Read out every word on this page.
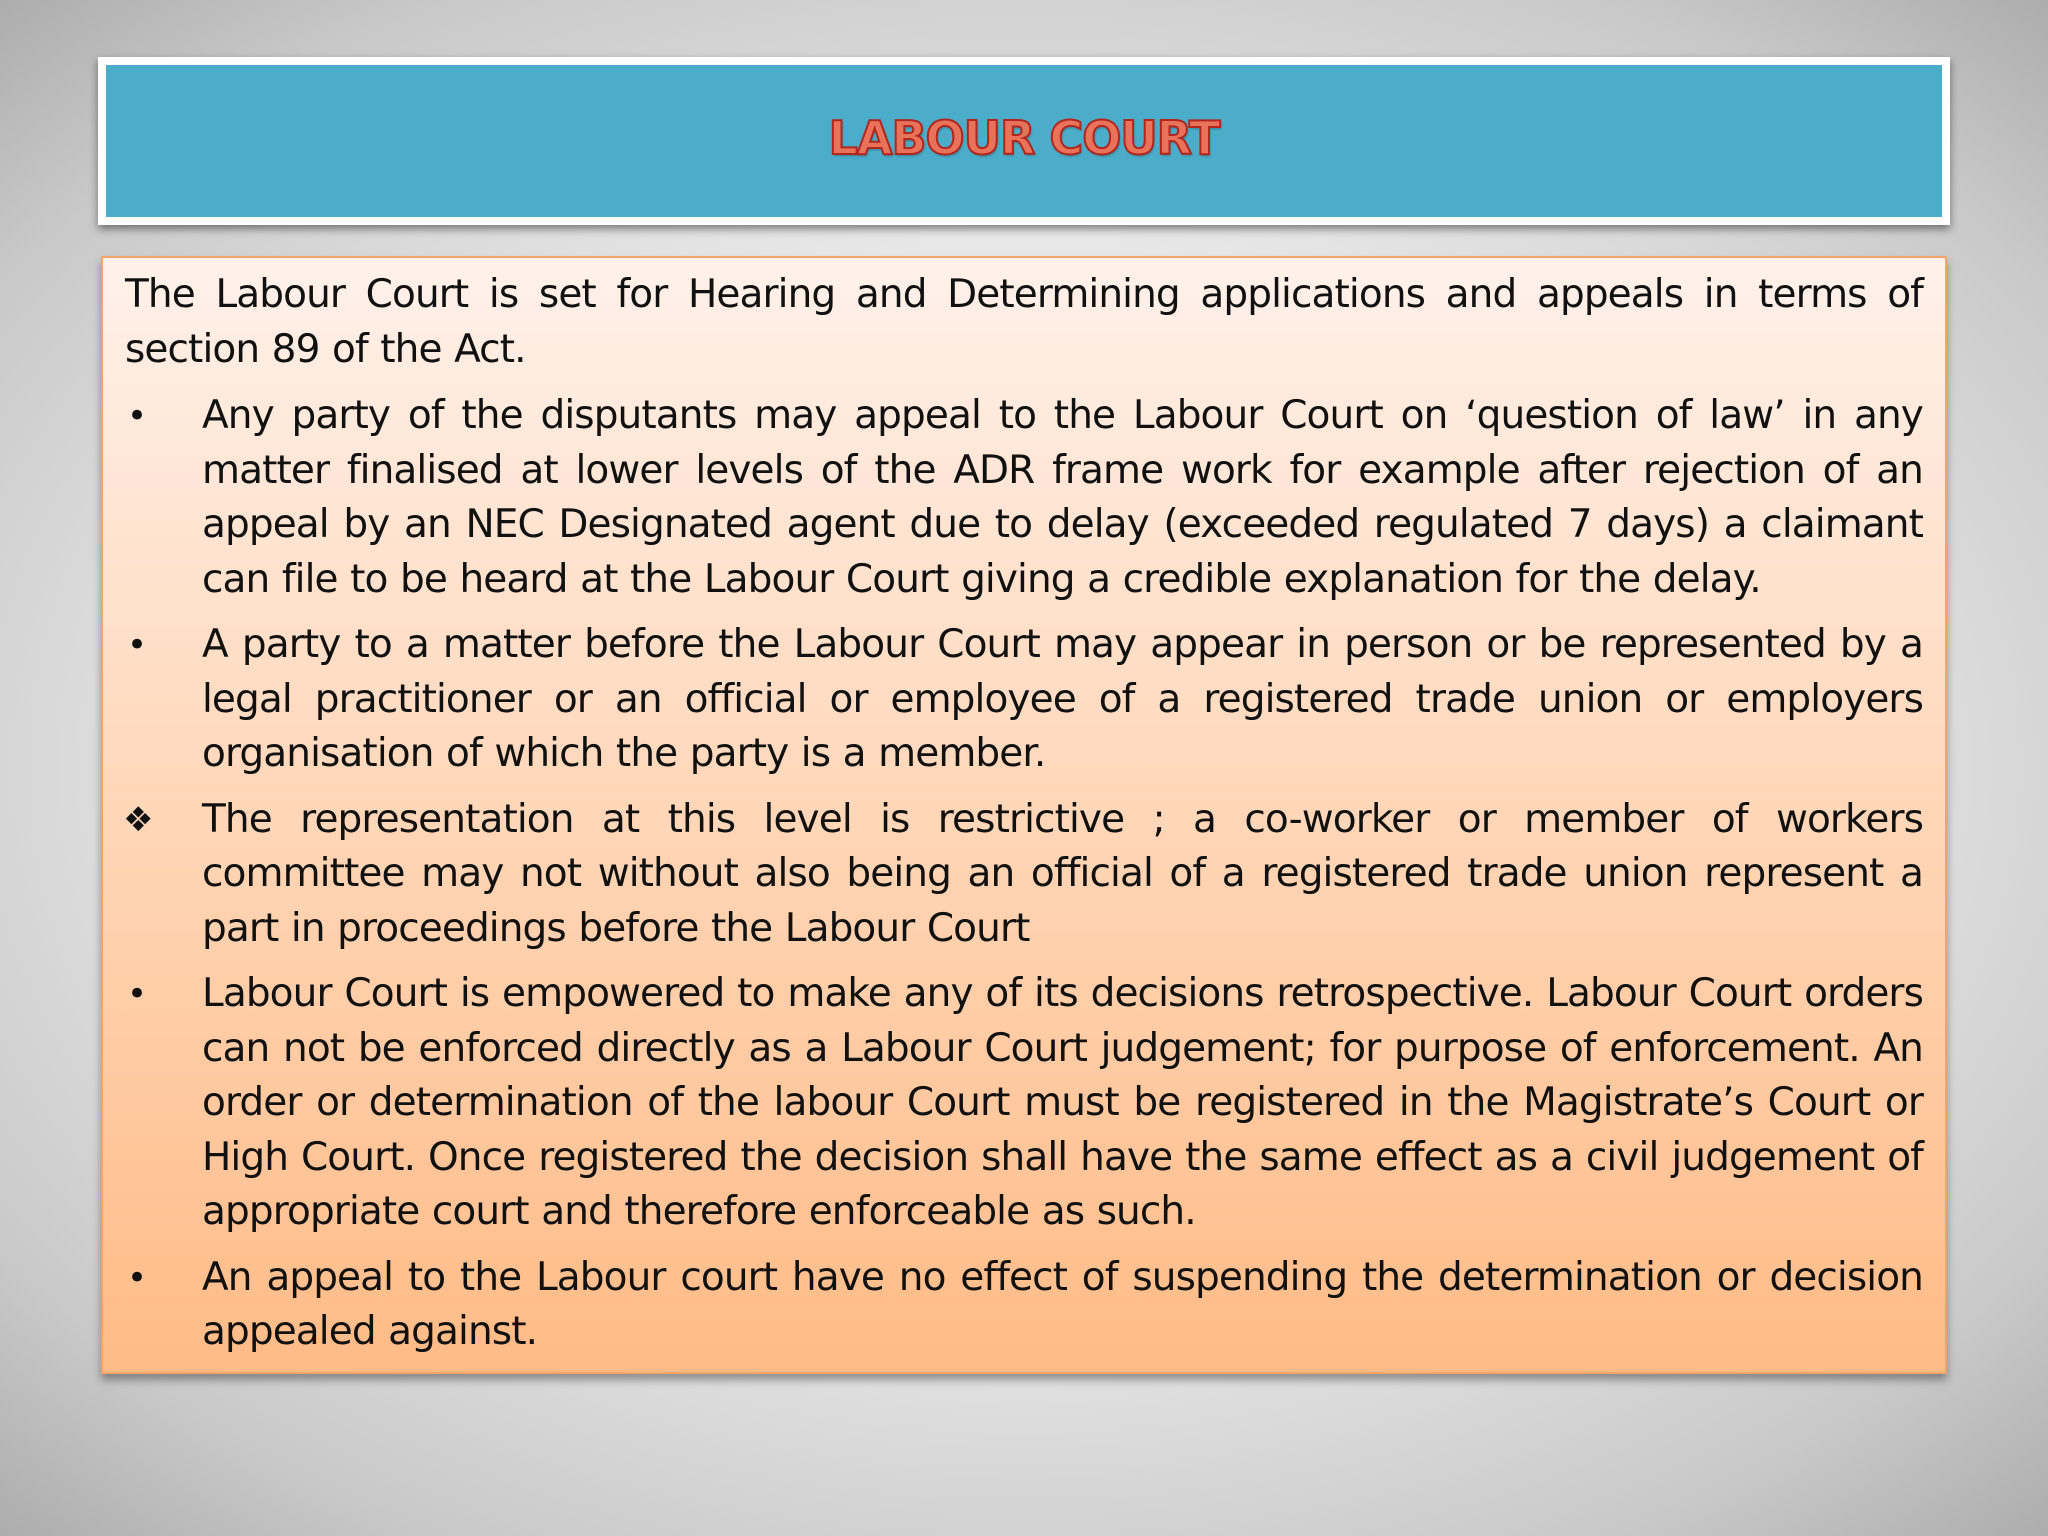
LABOUR COURT

The Labour Court is set for Hearing and Determining applications and appeals in terms of section 89 of the Act.

•	Any party of the disputants may appeal to the Labour Court on ‘question of law’ in any matter finalised at lower levels of the ADR frame work for example after rejection of an appeal by an NEC Designated agent due to delay (exceeded regulated 7 days) a claimant can file to be heard at the Labour Court giving a credible explanation for the delay.
•	A party to a matter before the Labour Court may appear in person or be represented by a legal practitioner or an official or employee of a registered trade union or employers organisation of which the party is a member.
❖ The representation at this level is restrictive ; a co-worker or member of workers committee may not without also being an official of a registered trade union represent a part in proceedings before the Labour Court
•	Labour Court is empowered to make any of its decisions retrospective. Labour Court orders can not be enforced directly as a Labour Court judgement; for purpose of enforcement. An order or determination of the labour Court must be registered in the Magistrate’s Court or High Court. Once registered the decision shall have the same effect as a civil judgement of appropriate court and therefore enforceable as such.
•	An appeal to the Labour court have no effect of suspending the determination or decision appealed against.
